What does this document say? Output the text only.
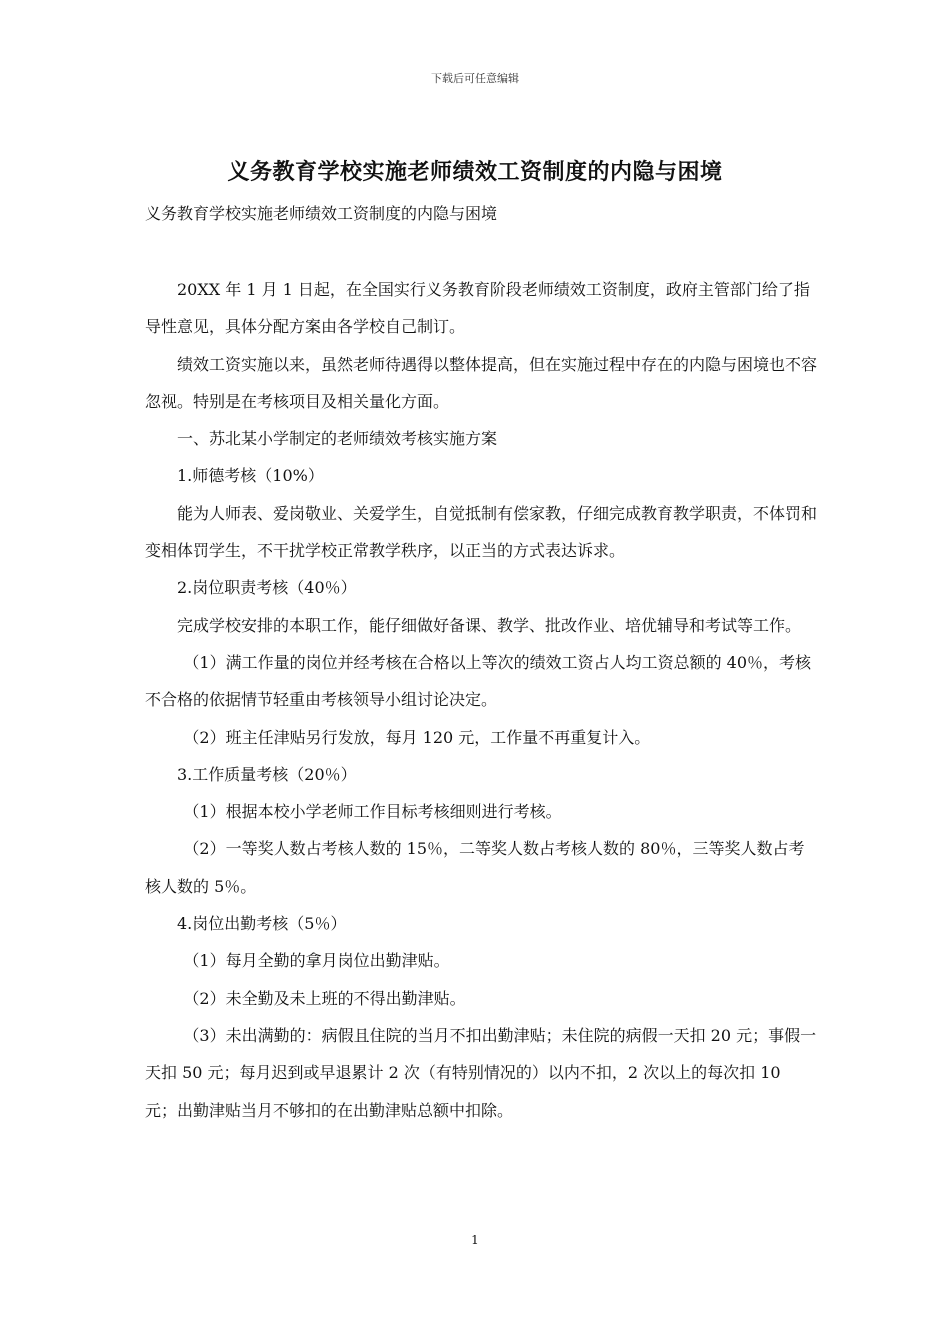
下载后可任意编辑
义务教育学校实施老师绩效工资制度的内隐与困境
义务教育学校实施老师绩效工资制度的内隐与困境

20XX 年 1 月 1 日起，在全国实行义务教育阶段老师绩效工资制度，政府主管部门给了指导性意见，具体分配方案由各学校自己制订。

绩效工资实施以来，虽然老师待遇得以整体提高，但在实施过程中存在的内隐与困境也不容忽视。特别是在考核项目及相关量化方面。

一、苏北某小学制定的老师绩效考核实施方案

1.师德考核（10%）

能为人师表、爱岗敬业、关爱学生，自觉抵制有偿家教，仔细完成教育教学职责，不体罚和变相体罚学生，不干扰学校正常教学秩序，以正当的方式表达诉求。

2.岗位职责考核（40％）

完成学校安排的本职工作，能仔细做好备课、教学、批改作业、培优辅导和考试等工作。

（1）满工作量的岗位并经考核在合格以上等次的绩效工资占人均工资总额的 40％，考核不合格的依据情节轻重由考核领导小组讨论决定。

（2）班主任津贴另行发放，每月 120 元，工作量不再重复计入。

3.工作质量考核（20％）

（1）根据本校小学老师工作目标考核细则进行考核。

（2）一等奖人数占考核人数的 15％，二等奖人数占考核人数的 80％，三等奖人数占考核人数的 5％。

4.岗位出勤考核（5％）

（1）每月全勤的拿月岗位出勤津贴。

（2）未全勤及未上班的不得出勤津贴。

（3）未出满勤的：病假且住院的当月不扣出勤津贴；未住院的病假一天扣 20 元；事假一天扣 50 元；每月迟到或早退累计 2 次（有特别情况的）以内不扣，2 次以上的每次扣 10 元；出勤津贴当月不够扣的在出勤津贴总额中扣除。

1
